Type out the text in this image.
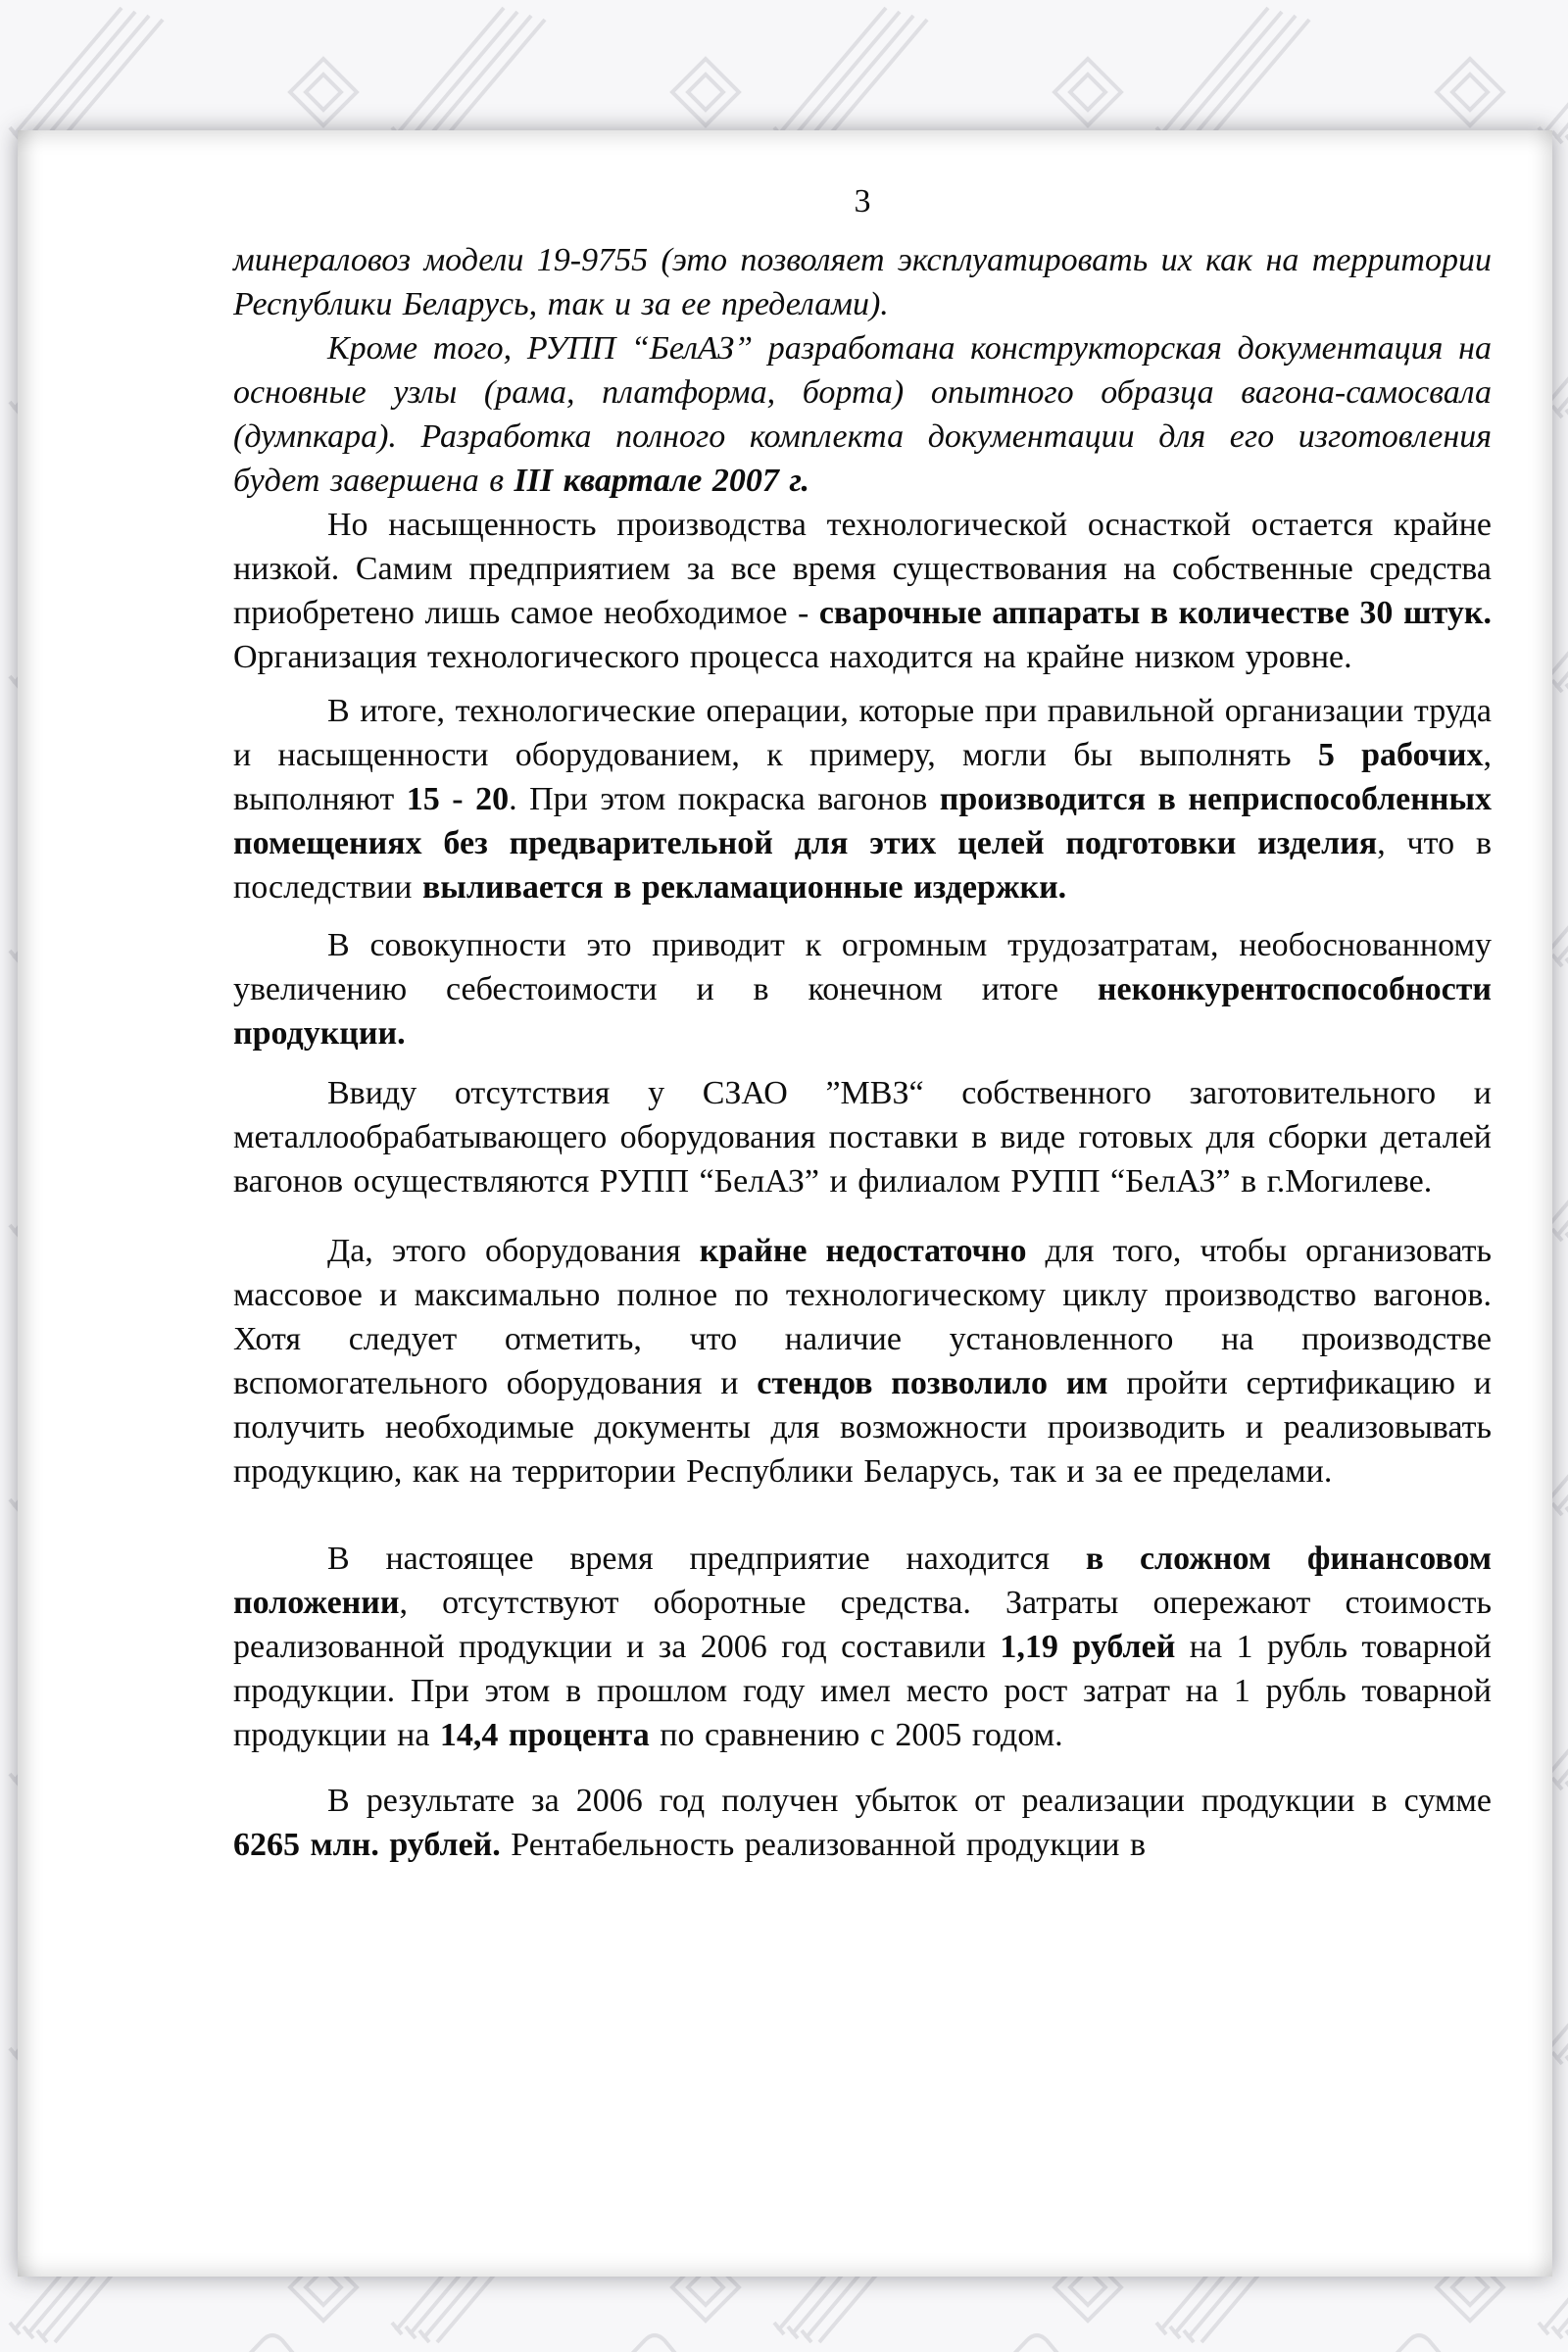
3

минераловоз модели 19-9755 (это позволяет эксплуатировать их как на территории Республики Беларусь, так и за ее пределами).

Кроме того, РУПП “БелАЗ” разработана конструкторская документация на основные узлы (рама, платформа, борта) опытного образца вагона-самосвала (думпкара). Разработка полного комплекта документации для его изготовления будет завершена в III квартале 2007 г.

Но насыщенность производства технологической оснасткой остается крайне низкой. Самим предприятием за все время существования на собственные средства приобретено лишь самое необходимое - сварочные аппараты в количестве 30 штук. Организация технологического процесса находится на крайне низком уровне.

В итоге, технологические операции, которые при правильной организации труда и насыщенности оборудованием, к примеру, могли бы выполнять 5 рабочих, выполняют 15 - 20. При этом покраска вагонов производится в неприспособленных помещениях без предварительной для этих целей подготовки изделия, что в последствии выливается в рекламационные издержки.

В совокупности это приводит к огромным трудозатратам, необоснованному увеличению себестоимости и в конечном итоге неконкурентоспособности продукции.

Ввиду отсутствия у СЗАО ”МВЗ“ собственного заготовительного и металлообрабатывающего оборудования поставки в виде готовых для сборки деталей вагонов осуществляются РУПП “БелАЗ” и филиалом РУПП “БелАЗ” в г.Могилеве.

Да, этого оборудования крайне недостаточно для того, чтобы организовать массовое и максимально полное по технологическому циклу производство вагонов. Хотя следует отметить, что наличие установленного на производстве вспомогательного оборудования и стендов позволило им пройти сертификацию и получить необходимые документы для возможности производить и реализовывать продукцию, как на территории Республики Беларусь, так и за ее пределами.

В настоящее время предприятие находится в сложном финансовом положении, отсутствуют оборотные средства. Затраты опережают стоимость реализованной продукции и за 2006 год составили 1,19 рублей на 1 рубль товарной продукции. При этом в прошлом году имел место рост затрат на 1 рубль товарной продукции на 14,4 процента по сравнению с 2005 годом.

В результате за 2006 год получен убыток от реализации продукции в сумме 6265 млн. рублей. Рентабельность реализованной продукции в
